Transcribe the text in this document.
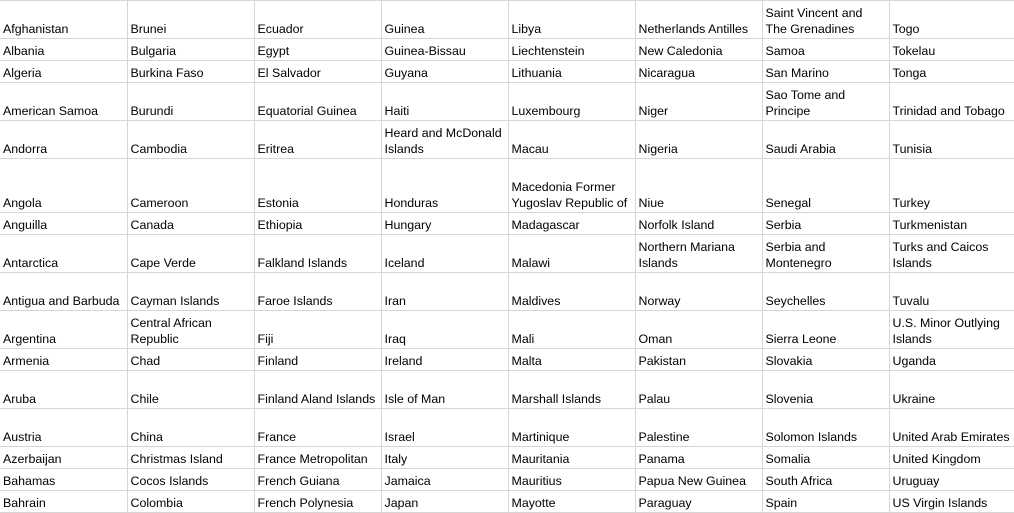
Afghanistan	Brunei	Ecuador	Guinea	Libya	Netherlands Antilles	Saint Vincent and The Grenadines	Togo
Albania	Bulgaria	Egypt	Guinea-Bissau	Liechtenstein	New Caledonia	Samoa	Tokelau
Algeria	Burkina Faso	El Salvador	Guyana	Lithuania	Nicaragua	San Marino	Tonga
American Samoa	Burundi	Equatorial Guinea	Haiti	Luxembourg	Niger	Sao Tome and Principe	Trinidad and Tobago
Andorra	Cambodia	Eritrea	Heard and McDonald Islands	Macau	Nigeria	Saudi Arabia	Tunisia
Angola	Cameroon	Estonia	Honduras	Macedonia Former Yugoslav Republic of	Niue	Senegal	Turkey
Anguilla	Canada	Ethiopia	Hungary	Madagascar	Norfolk Island	Serbia	Turkmenistan
Antarctica	Cape Verde	Falkland Islands	Iceland	Malawi	Northern Mariana Islands	Serbia and Montenegro	Turks and Caicos Islands
Antigua and Barbuda	Cayman Islands	Faroe Islands	Iran	Maldives	Norway	Seychelles	Tuvalu
Argentina	Central African Republic	Fiji	Iraq	Mali	Oman	Sierra Leone	U.S. Minor Outlying Islands
Armenia	Chad	Finland	Ireland	Malta	Pakistan	Slovakia	Uganda
Aruba	Chile	Finland Aland Islands	Isle of Man	Marshall Islands	Palau	Slovenia	Ukraine
Austria	China	France	Israel	Martinique	Palestine	Solomon Islands	United Arab Emirates
Azerbaijan	Christmas Island	France Metropolitan	Italy	Mauritania	Panama	Somalia	United Kingdom
Bahamas	Cocos Islands	French Guiana	Jamaica	Mauritius	Papua New Guinea	South Africa	Uruguay
Bahrain	Colombia	French Polynesia	Japan	Mayotte	Paraguay	Spain	US Virgin Islands
